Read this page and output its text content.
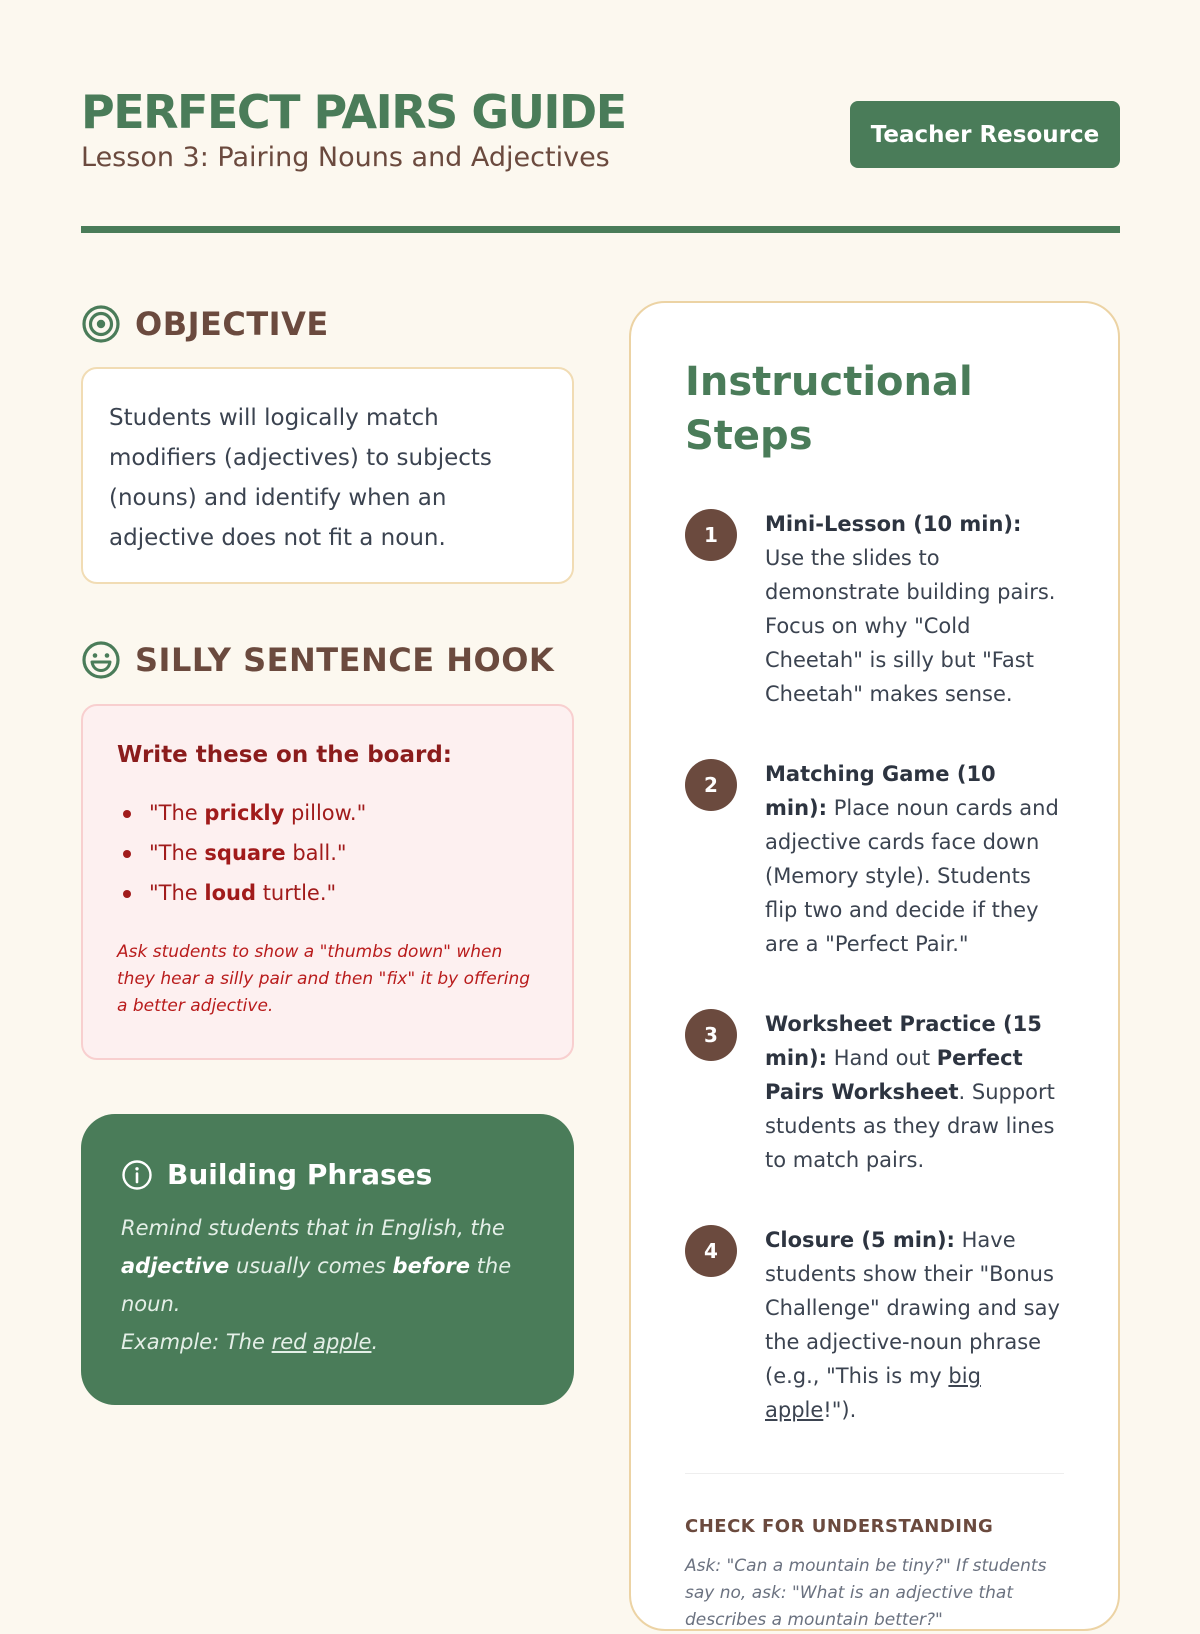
PERFECT PAIRS GUIDE
Lesson 3: Pairing Nouns and Adjectives
Teacher Resource
OBJECTIVE
Students will logically match modifiers (adjectives) to subjects (nouns) and identify when an adjective does not fit a noun.
SILLY SENTENCE HOOK
Write these on the board:
"The prickly pillow."
"The square ball."
"The loud turtle."
Ask students to show a "thumbs down" when they hear a silly pair and then "fix" it by offering a better adjective.
Building Phrases
Remind students that in English, the adjective usually comes before the noun.
Example: The red apple.
Instructional Steps
1	Mini-Lesson (10 min): Use the slides to demonstrate building pairs. Focus on why "Cold Cheetah" is silly but "Fast Cheetah" makes sense.
2	Matching Game (10 min): Place noun cards and adjective cards face down (Memory style). Students flip two and decide if they are a "Perfect Pair."
3	Worksheet Practice (15 min): Hand out Perfect Pairs Worksheet. Support students as they draw lines to match pairs.
4	Closure (5 min): Have students show their "Bonus Challenge" drawing and say the adjective-noun phrase (e.g., "This is my big apple!").
CHECK FOR UNDERSTANDING
Ask: "Can a mountain be tiny?" If students say no, ask: "What is an adjective that describes a mountain better?"
